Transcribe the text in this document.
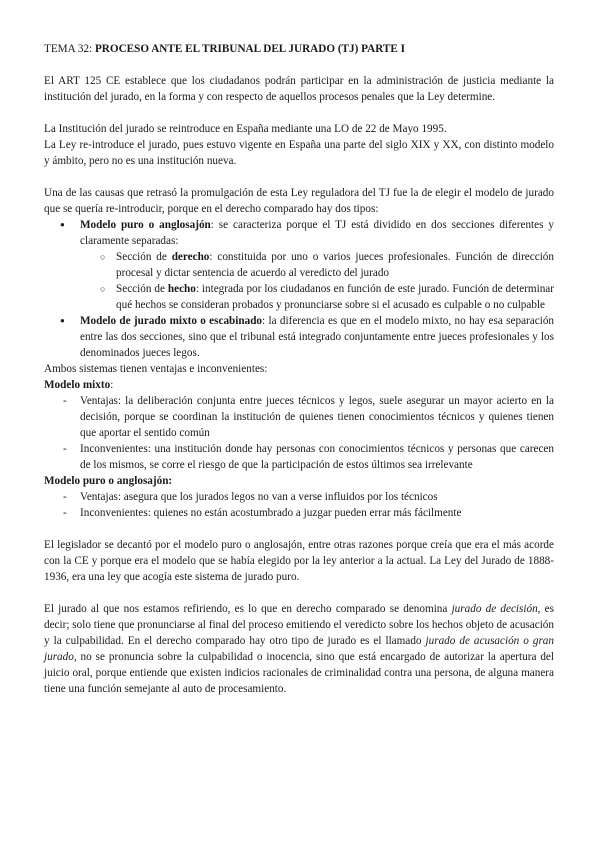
TEMA 32: PROCESO ANTE EL TRIBUNAL DEL JURADO (TJ) PARTE I

El ART 125 CE establece que los ciudadanos podrán participar en la administración de justicia mediante la institución del jurado, en la forma y con respecto de aquellos procesos penales que la Ley determine.

La Institución del jurado se reintroduce en España mediante una LO de 22 de Mayo 1995.

La Ley re-introduce el jurado, pues estuvo vigente en España una parte del siglo XIX y XX, con distinto modelo y ámbito, pero no es una institución nueva.

Una de las causas que retrasó la promulgación de esta Ley reguladora del TJ fue la de elegir el modelo de jurado que se quería re-introducir, porque en el derecho comparado hay dos tipos:

● Modelo puro o anglosajón: se caracteriza porque el TJ está dividido en dos secciones diferentes y claramente separadas:
○ Sección de derecho: constituida por uno o varios jueces profesionales. Función de dirección procesal y dictar sentencia de acuerdo al veredicto del jurado
○ Sección de hecho: integrada por los ciudadanos en función de este jurado. Función de determinar qué hechos se consideran probados y pronunciarse sobre si el acusado es culpable o no culpable
● Modelo de jurado mixto o escabinado: la diferencia es que en el modelo mixto, no hay esa separación entre las dos secciones, sino que el tribunal está integrado conjuntamente entre jueces profesionales y los denominados jueces legos.

Ambos sistemas tienen ventajas e inconvenientes:

Modelo mixto:

- Ventajas: la deliberación conjunta entre jueces técnicos y legos, suele asegurar un mayor acierto en la decisión, porque se coordinan la institución de quienes tienen conocimientos técnicos y quienes tienen que aportar el sentido común
- Inconvenientes: una institución donde hay personas con conocimientos técnicos y personas que carecen de los mismos, se corre el riesgo de que la participación de estos últimos sea irrelevante

Modelo puro o anglosajón:

- Ventajas: asegura que los jurados legos no van a verse influidos por los técnicos
- Inconvenientes: quienes no están acostumbrado a juzgar pueden errar más fácilmente

El legislador se decantó por el modelo puro o anglosajón, entre otras razones porque creía que era el más acorde con la CE y porque era el modelo que se había elegido por la ley anterior a la actual. La Ley del Jurado de 1888-1936, era una ley que acogía este sistema de jurado puro.

El jurado al que nos estamos refiriendo, es lo que en derecho comparado se denomina jurado de decisión, es decir; solo tiene que pronunciarse al final del proceso emitiendo el veredicto sobre los hechos objeto de acusación y la culpabilidad. En el derecho comparado hay otro tipo de jurado es el llamado jurado de acusación o gran jurado, no se pronuncia sobre la culpabilidad o inocencia, sino que está encargado de autorizar la apertura del juicio oral, porque entiende que existen indicios racionales de criminalidad contra una persona, de alguna manera tiene una función semejante al auto de procesamiento.
